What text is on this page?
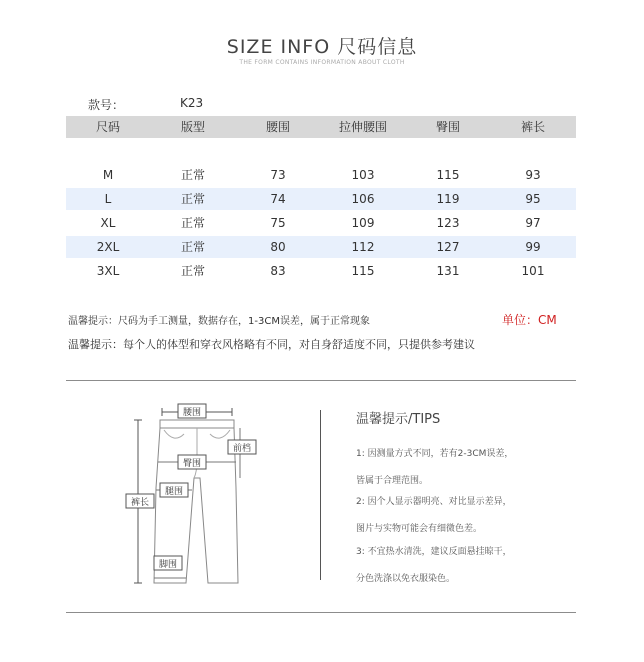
SIZE INFO 尺码信息
THE FORM CONTAINS INFORMATION ABOUT CLOTH
款号：	K23
尺码	版型	腰围	拉伸腰围	臀围	裤长
M	正常	73	103	115	93
L	正常	74	106	119	95
XL	正常	75	109	123	97
2XL	正常	80	112	127	99
3XL	正常	83	115	131	101
温馨提示：尺码为手工测量，数据存在，1-3CM误差，属于正常现象	单位：CM
温馨提示：每个人的体型和穿衣风格略有不同，对自身舒适度不同，只提供参考建议
腰围
前档
臀围
腿围
裤长
脚围
温馨提示/TIPS
1: 因测量方式不同，若有2-3CM误差，
皆属于合理范围。
2: 因个人显示器明亮、对比显示差异，
图片与实物可能会有细微色差。
3: 不宜热水清洗，建议反面悬挂晾干，
分色洗涤以免衣服染色。
